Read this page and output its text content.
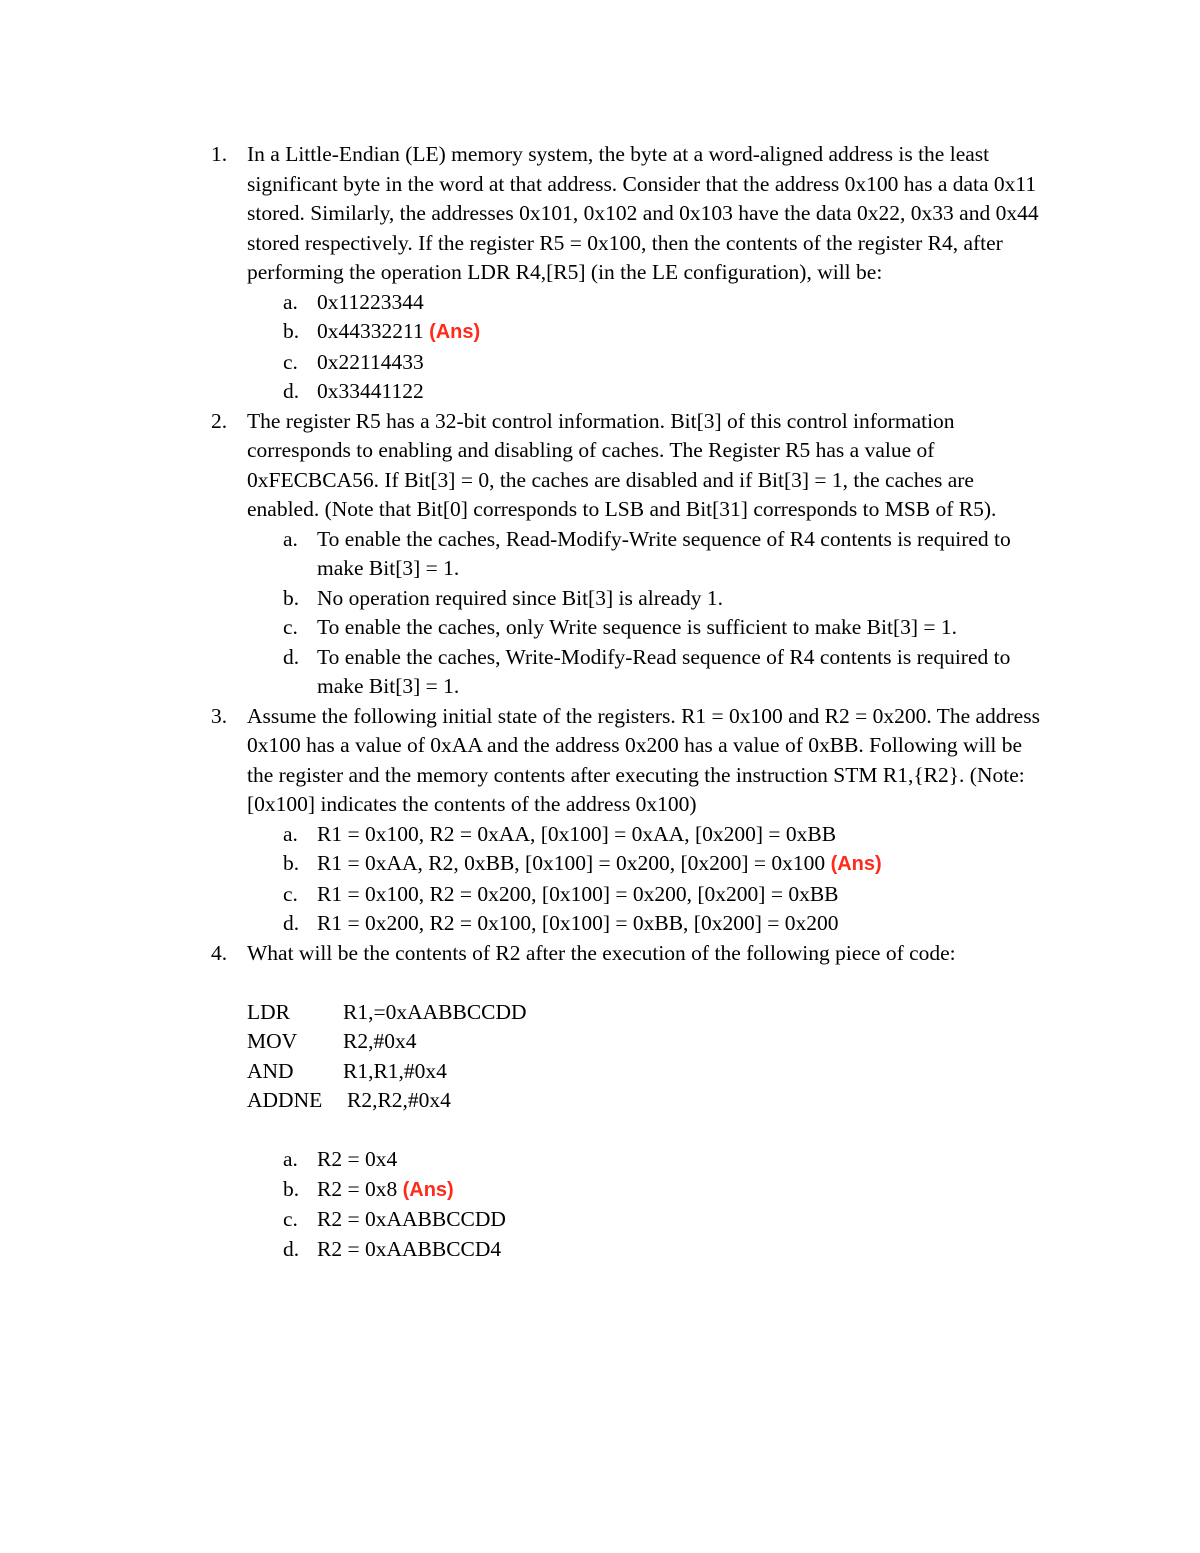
1. In a Little-Endian (LE) memory system, the byte at a word-aligned address is the least significant byte in the word at that address. Consider that the address 0x100 has a data 0x11 stored. Similarly, the addresses 0x101, 0x102 and 0x103 have the data 0x22, 0x33 and 0x44 stored respectively. If the register R5 = 0x100, then the contents of the register R4, after performing the operation LDR R4,[R5] (in the LE configuration), will be:
a. 0x11223344
b. 0x44332211 (Ans)
c. 0x22114433
d. 0x33441122
2. The register R5 has a 32-bit control information. Bit[3] of this control information corresponds to enabling and disabling of caches. The Register R5 has a value of 0xFECBCA56. If Bit[3] = 0, the caches are disabled and if Bit[3] = 1, the caches are enabled. (Note that Bit[0] corresponds to LSB and Bit[31] corresponds to MSB of R5).
a. To enable the caches, Read-Modify-Write sequence of R4 contents is required to make Bit[3] = 1.
b. No operation required since Bit[3] is already 1.
c. To enable the caches, only Write sequence is sufficient to make Bit[3] = 1.
d. To enable the caches, Write-Modify-Read sequence of R4 contents is required to make Bit[3] = 1.
3. Assume the following initial state of the registers. R1 = 0x100 and R2 = 0x200. The address 0x100 has a value of 0xAA and the address 0x200 has a value of 0xBB. Following will be the register and the memory contents after executing the instruction STM R1,{R2}. (Note: [0x100] indicates the contents of the address 0x100)
a. R1 = 0x100, R2 = 0xAA, [0x100] = 0xAA, [0x200] = 0xBB
b. R1 = 0xAA, R2, 0xBB, [0x100] = 0x200, [0x200] = 0x100 (Ans)
c. R1 = 0x100, R2 = 0x200, [0x100] = 0x200, [0x200] = 0xBB
d. R1 = 0x200, R2 = 0x100, [0x100] = 0xBB, [0x200] = 0x200
4. What will be the contents of R2 after the execution of the following piece of code:
LDR	R1,=0xAABBCCDD
MOV	R2,#0x4
AND	R1,R1,#0x4
ADDNE	R2,R2,#0x4
a. R2 = 0x4
b. R2 = 0x8 (Ans)
c. R2 = 0xAABBCCDD
d. R2 = 0xAABBCCD4
